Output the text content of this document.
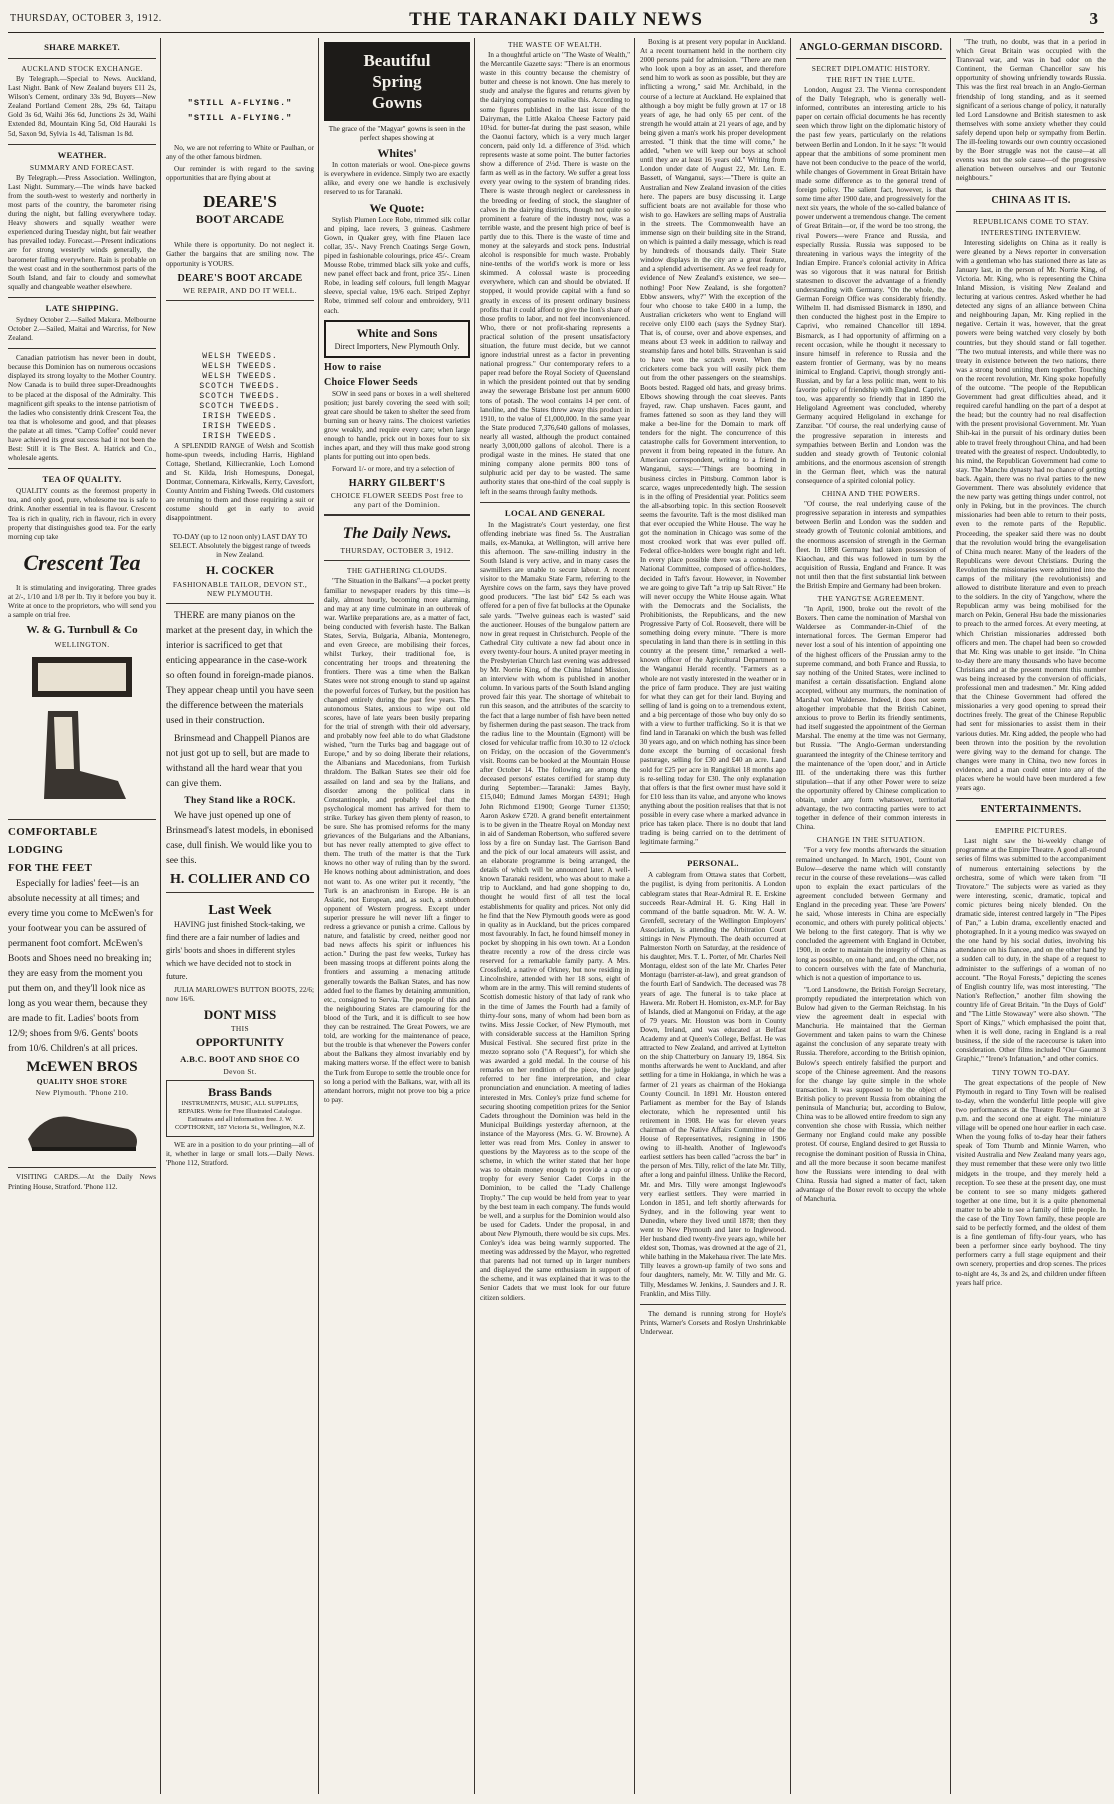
THURSDAY, OCTOBER 3, 1912.	THE TARANAKI DAILY NEWS	3
SHARE MARKET.
AUCKLAND STOCK EXCHANGE.

By Telegraph.—Special to News. Auckland, Last Night. Bank of New Zealand buyers £11 2s, Wilson's Cement, ordinary 33s 9d, Buyers—New Zealand Portland Cement 28s, 29s 6d, Taitapu Gold 3s 6d, Waihi 36s 6d, Junctions 2s 3d, Waihi Extended 8d, Mountain King 5d, Old Hauraki 1s 5d, Saxon 9d, Sylvia 1s 4d, Talisman 1s 8d.

WEATHER.
SUMMARY AND FORECAST.

By Telegraph.—Press Association. Wellington, Last Night. Summary.—The winds have backed from the south-west to westerly and northerly in most parts of the country, the barometer rising during the night, but falling everywhere today. Heavy showers and squally weather were experienced during Tuesday night, but fair weather has prevailed today. Forecast.—Present indications are for strong westerly winds generally, the barometer falling everywhere. Rain is probable on the west coast and in the southernmost parts of the South Island, and fair to cloudy and somewhat squally and changeable weather elsewhere.

LATE SHIPPING.

Sydney October 2.—Sailed Makura. Melbourne October 2.—Sailed, Maitai and Warcriss, for New Zealand.

Canadian patriotism has never been in doubt, because this Dominion has on numerous occasions displayed its strong loyalty to the Mother Country. Now Canada is to build three super-Dreadnoughts to be placed at the disposal of the Admiralty. This magnificent gift speaks to the intense patriotism of the ladies who consistently drink Crescent Tea, the tea that is wholesome and good, and that pleases the palate at all times. "Camp Coffee" could never have achieved its great success had it not been the Best: Still it is The Best. A. Hatrick and Co., wholesale agents.

TEA OF QUALITY.

QUALITY counts as the foremost property in tea, and only good, pure, wholesome tea is safe to drink. Another essential in tea is flavour. Crescent Tea is rich in quality, rich in flavour, rich in every property that distinguishes good tea. For the early morning cup take

Crescent Tea

It is stimulating and invigorating. Three grades at 2/-, 1/10 and 1/8 per lb. Try it before you buy it. Write at once to the proprietors, who will send you a sample on trial free.

W. & G. Turnbull & Co
WELLINGTON.
COMFORTABLE
LODGING
FOR THE FEET

Especially for ladies' feet—is an absolute necessity at all times; and every time you come to McEwen's for your footwear you can be assured of permanent foot comfort. McEwen's Boots and Shoes need no breaking in; they are easy from the moment you put them on, and they'll look nice as long as you wear them, because they are made to fit. Ladies' boots from 12/9; shoes from 9/6. Gents' boots from 10/6. Children's at all prices.

McEWEN BROS
QUALITY SHOE STORE
New Plymouth. 'Phone 210.

VISITING CARDS.—At the Daily News Printing House, Stratford. 'Phone 112.

"STILL A-FLYING."
"STILL A-FLYING."

No, we are not referring to White or Paulhan, or any of the other famous birdmen.

Our reminder is with regard to the saving opportunities that are flying about at

DEARE'S
BOOT ARCADE

While there is opportunity. Do not neglect it. Gather the bargains that are smiling now. The opportunity is YOURS.

DEARE'S BOOT ARCADE
WE REPAIR, AND DO IT WELL.
WELSH TWEEDS.
WELSH TWEEDS.
WELSH TWEEDS.
SCOTCH TWEEDS.
SCOTCH TWEEDS.
SCOTCH TWEEDS.
IRISH TWEEDS.
IRISH TWEEDS.
IRISH TWEEDS.

A SPLENDID RANGE of Welsh and Scottish home-spun tweeds, including Harris, Highland Cottage, Shetland, Killiecrankie, Loch Lomond and St. Kilda, Irish Homespuns, Donegal, Dontmar, Connemara, Kirkwalls, Kerry, Cavesfort, County Antrim and Fishing Tweeds. Old customers are returning to them and those requiring a suit or costume should get in early to avoid disappointment.

TO-DAY (up to 12 noon only) LAST DAY TO SELECT. Absolutely the biggest range of tweeds in New Zealand.

H. COCKER
FASHIONABLE TAILOR, DEVON ST., NEW PLYMOUTH.

THERE are many pianos on the market at the present day, in which the interior is sacrificed to get that enticing appearance in the case-work so often found in foreign-made pianos. They appear cheap until you have seen the difference between the materials used in their construction.

Brinsmead and Chappell Pianos are not just got up to sell, but are made to withstand all the hard wear that you can give them.

They Stand like a ROCK.

We have just opened up one of Brinsmead's latest models, in ebonised case, dull finish. We would like you to see this.

H. COLLIER AND CO
Last Week

HAVING just finished Stock-taking, we find there are a fair number of ladies and girls' boots and shoes in different styles which we have decided not to stock in future.

JULIA MARLOWE'S BUTTON BOOTS, 22/6; now 16/6.

DONT MISS
THIS
OPPORTUNITY
A.B.C. BOOT AND SHOE CO
Devon St.
Brass Bands
INSTRUMENTS, MUSIC, ALL SUPPLIES, REPAIRS. Write for Free Illustrated Catalogue. Estimates and all information free. J. W. COPTHORNE, 187 Victoria St., Wellington, N.Z.

WE are in a position to do your printing—all of it, whether in large or small lots.—Daily News. 'Phone 112, Stratford.

Beautiful
Spring
Gowns

The grace of the "Magyar" gowns is seen in the perfect shapes showing at

Whites'

In cotton materials or wool. One-piece gowns is everywhere in evidence. Simply two are exactly alike, and every one we handle is exclusively reserved to us for Taranaki.

We Quote:

Stylish Plumen Loce Robe, trimmed silk collar and piping, lace revers, 3 guineas. Cashmere Gown, in Quaker grey, with fine Plauen lace collar, 35/-. Navy French Coatings Serge Gown, piped in fashionable colourings, price 45/-. Cream Mousse Robe, trimmed black silk yoke and cuffs, new panel effect back and front, price 35/-. Linen Robe, in leading self colours, full length Magyar sleeve, special value, 19/6 each. Striped Zephyr Robe, trimmed self colour and embroidery, 9/11 each.

White and Sons
Direct Importers, New Plymouth Only.
How to raise
Choice Flower Seeds

SOW in seed pans or boxes in a well sheltered position; just barely covering the seed with soil; great care should be taken to shelter the seed from burning sun or heavy rains. The choicest varieties grow weakly, and require every care; when large enough to handle, prick out in boxes four to six inches apart, and they will thus make good strong plants for putting out into open beds.

Forward 1/- or more, and try a selection of

HARRY GILBERT'S
CHOICE FLOWER SEEDS Post free to any part of the Dominion.
The Daily News.
THURSDAY, OCTOBER 3, 1912.
THE GATHERING CLOUDS.

"The Situation in the Balkans"—a pocket pretty familiar to newspaper readers by this time—is daily, almost hourly, becoming more alarming, and may at any time culminate in an outbreak of war. Warlike preparations are, as a matter of fact, being conducted with feverish haste. The Balkan States, Servia, Bulgaria, Albania, Montenegro, and even Greece, are mobilising their forces, whilst Turkey, their traditional foe, is concentrating her troops and threatening the frontiers. There was a time when the Balkan States were not strong enough to stand up against the powerful forces of Turkey, but the position has changed entirely during the past few years. The autonomous States, anxious to wipe out old scores, have of late years been busily preparing for the trial of strength with their old adversary, and probably now feel able to do what Gladstone wished, "turn the Turks bag and baggage out of Europe," and by so doing liberate their relations, the Albanians and Macedonians, from Turkish thraldom. The Balkan States see their old foe assailed on land and sea by the Italians, and disorder among the political clans in Constantinople, and probably feel that the psychological moment has arrived for them to strike. Turkey has given them plenty of reason, to be sure. She has promised reforms for the many grievances of the Bulgarians and the Albanians, but has never really attempted to give effect to them. The truth of the matter is that the Turk knows no other way of ruling than by the sword. He knows nothing about administration, and does not want to. As one writer put it recently, "the Turk is an anachronism in Europe. He is an Asiatic, not European, and, as such, a stubborn opponent of Western progress. Except under superior pressure he will never lift a finger to redress a grievance or punish a crime. Callous by nature, and fatalistic by creed, neither good nor bad news affects his spirit or influences his action." During the past few weeks, Turkey has been massing troops at different points along the frontiers and assuming a menacing attitude generally towards the Balkan States, and has now added fuel to the flames by detaining ammunition, etc., consigned to Servia. The people of this and the neighbouring States are clamouring for the blood of the Turk, and it is difficult to see how they can be restrained. The Great Powers, we are told, are working for the maintenance of peace, but the trouble is that whenever the Powers confer about the Balkans they almost invariably end by making matters worse. If the effect were to banish the Turk from Europe to settle the trouble once for so long a period with the Balkans, war, with all its attendant horrors, might not prove too big a price to pay.

THE WASTE OF WEALTH.

In a thoughtful article on "The Waste of Wealth," the Mercantile Gazette says: "There is an enormous waste in this country because the chemistry of butter and cheese is not known. One has merely to study and analyse the figures and returns given by the dairying companies to realise this. According to some figures published in the last issue of the Dairyman, the Little Akaloa Cheese Factory paid 10¼d. for butter-fat during the past season, while the Oaonui factory, which is a very much larger concern, paid only 1d. a difference of 3½d. which represents waste at some point. The butter factories show a difference of 2½d. There is waste on the farm as well as in the factory. We suffer a great loss every year owing to the system of branding rides. There is waste through neglect or carelessness in the breeding or feeding of stock, the slaughter of calves in the dairying districts, though not quite so prominent a feature of the industry now, was a terrible waste, and the present high price of beef is partly due to this. There is the waste of time and money at the saleyards and stock pens. Industrial alcohol is responsible for much waste. Probably nine-tenths of the world's work is more or less skimmed. A colossal waste is proceeding everywhere, which can and should be obviated. If stopped, it would provide capital with a fund so greatly in excess of its present ordinary business profits that it could afford to give the lion's share of those profits to labor, and not feel inconvenienced. Who, there or not profit-sharing represents a practical solution of the present unsatisfactory situation, the future must decide, but we cannot ignore industrial unrest as a factor in preventing national progress." Our contemporary refers to a paper read before the Royal Society of Queensland in which the president pointed out that by sending away the sewerage Brisbane lost per annum 6000 tons of potash. The wool contains 14 per cent. of lanoline, and the States threw away this product in 1910, to the value of £1,000,000. In the same year the State produced 7,376,640 gallons of molasses, nearly all wasted, although the product contained nearly 3,000,000 gallons of alcohol. There is a prodigal waste in the mines. He stated that one mining company alone permits 800 tons of sulphuric acid per day to be wasted. The same authority states that one-third of the coal supply is left in the seams through faulty methods.

LOCAL AND GENERAL

In the Magistrate's Court yesterday, one first offending inebriate was fined 5s. The Australian mails, ex-Manuka, at Wellington, will arrive here this afternoon. The saw-milling industry in the South Island is very active, and in many cases the sawmillers are unable to secure labour. A recent visitor to the Mamaku State Farm, referring to the Ayrshire cows on the farm, says they have proved good producers. "The last bid" £42 5s each was offered for a pen of five fat bullocks at the Opunake sale yards. "Twelve guineas each is wasted" said the auctioneer. Houses of the bungalow pattern are now in great request in Christchurch. People of the Cathedral City cultivate a new fad about once in every twenty-four hours. A united prayer meeting in the Presbyterian Church last evening was addressed by Mr. Norrie King, of the China Inland Mission, an interview with whom is published in another column. In various parts of the South Island angling proved fair this year. The shortage of whitebait to run this season, and the attributes of the scarcity to the fact that a large number of fish have been netted by fishermen during the past season. The track from the radius line to the Mountain (Egmont) will be closed for vehicular traffic from 10.30 to 12 o'clock on Friday, on the occasion of the Government's visit. Rooms can be booked at the Mountain House after October 14. The following are among the deceased persons' estates certified for stamp duty during September:—Taranaki: James Bayly, £15,040; Edmund James Morgan £4391; Hugh John Richmond £1900; George Turner £1350; Aaron Askew £720. A grand benefit entertainment is to be given in the Theatre Royal on Monday next in aid of Sandeman Robertson, who suffered severe loss by a fire on Sunday last. The Garrison Band and the pick of our local amateurs will assist, and an elaborate programme is being arranged, the details of which will be announced later. A well-known Taranaki resident, who was about to make a trip to Auckland, and had gone shopping to do, thought he would first of all test the local establishments for quality and prices. Not only did he find that the New Plymouth goods were as good in quality as in Auckland, but the prices compared most favourably. In fact, he found himself money in pocket by shopping in his own town. At a London theatre recently a row of the dress circle was reserved for a remarkable family party. A Mrs. Crossfield, a native of Orkney, but now residing in Lincolnshire, attended with her 18 sons, eight of whom are in the army. This will remind students of Scottish domestic history of that lady of rank who in the time of James the Fourth had a family of thirty-four sons, many of whom had been born as twins. Miss Jessie Cocker, of New Plymouth, met with considerable success at the Hamilton Spring Musical Festival. She secured first prize in the mezzo soprano solo ("A Request"), for which she was awarded a gold medal. In the course of his remarks on her rendition of the piece, the judge referred to her fine interpretation, and clear pronunciation and enunciation. A meeting of ladies interested in Mrs. Conley's prize fund scheme for securing shooting competition prizes for the Senior Cadets throughout the Dominion was held in the Municipal Buildings yesterday afternoon, at the instance of the Mayoress (Mrs. G. W. Browne). A letter was read from Mrs. Conley in answer to questions by the Mayoress as to the scope of the scheme, in which the writer stated that her hope was to obtain money enough to provide a cup or trophy for every Senior Cadet Corps in the Dominion, to be called the "Lady Challenge Trophy." The cup would be held from year to year by the best team in each company. The funds would be well, and a surplus for the Dominion would also be used for Cadets. Under the proposal, in and about New Plymouth, there would be six cups. Mrs. Conley's idea was being warmly supported. The meeting was addressed by the Mayor, who regretted that parents had not turned up in larger numbers and displayed the same enthusiasm in support of the scheme, and it was explained that it was to the Senior Cadets that we must look for our future citizen soldiers.

Boxing is at present very popular in Auckland. At a recent tournament held in the northern city 2000 persons paid for admission. "There are men who look upon a boy as an asset, and therefore send him to work as soon as possible, but they are inflicting a wrong," said Mr. Archibald, in the course of a lecture at Auckland. He explained that although a boy might be fully grown at 17 or 18 years of age, he had only 65 per cent. of the strength he would attain at 21 years of age, and by being given a man's work his proper development arrested. "I think that the time will come," he added, "when we will keep our boys at school until they are at least 16 years old." Writing from London under date of August 22, Mr. Len. E. Bassett, of Wanganui, says:—"There is quite an Australian and New Zealand invasion of the cities here. The papers are busy discussing it. Large sufficient boats are not available for those who wish to go. Hawkers are selling maps of Australia in the streets. The Commonwealth have an immense sign on their building site in the Strand, on which is painted a daily message, which is read by hundreds of thousands daily. Their State window displays in the city are a great feature, and a splendid advertisement. As we feel ready for evidence of New Zealand's existence, we see—nothing! Poor New Zealand, is she forgotten? Ebbw answers, why?" With the exception of the four who choose to take £400 in a lump, the Australian cricketers who went to England will receive only £100 each (says the Sydney Star). That is, of course, over and above expenses, and means about £3 week in addition to railway and steamship fares and hotel bills. Stravenhan is said to have won the scratch event. When the cricketers come back you will easily pick them out from the other passengers on the steamships. Boots bested. Ragged old hats, and greasy brims. Elbows showing through the coat sleeves. Pants frayed, raw. Chap unshaven. Faces gaunt, and frames fattened so soon as they land they will make a bee-line for the Domain to mark off tenders for the night. The concurrence of this catastrophe calls for Government intervention, to prevent it from being repeated in the future. An American correspondent, writing to a friend in Wanganui, says:—"Things are booming in business circles in Pittsburg. Common labor is scarce, wages unprecedentedly high. The session is in the offing of Presidential year. Politics seem the all-absorbing topic. In this section Roosevelt seems the favourite. Taft is the most disliked man that ever occupied the White House. The way he got the nomination in Chicago was some of the most crooked work that was ever pulled off. Federal office-holders were bought right and left. In every place possible there was a contest. The National Committee, composed of office-holders, decided in Taft's favour. However, in November we are going to give Taft "a trip up Salt River." He will never occupy the White House again. What with the Democrats and the Socialists, the Prohibitionists, the Republicans, and the new Progressive Party of Col. Roosevelt, there will be something doing every minute. "There is more speculating in land than there is in settling in this country at the present time," remarked a well-known officer of the Agricultural Department to the Wanganui Herald recently. "Farmers as a whole are not vastly interested in the weather or in the price of farm produce. They are just waiting for what they can get for their land. Buying and selling of land is going on to a tremendous extent, and a big percentage of those who buy only do so with a view to further trafficking. So it is that we find land in Taranaki on which the bush was felled 30 years ago, and on which nothing has since been done except the burning of occasional fresh pasturage, selling for £30 and £40 an acre. Land sold for £25 per acre in Rangitikei 18 months ago is re-selling today for £30. The only explanation that offers is that the first owner must have sold it for £10 less than its value, and anyone who knows anything about the position realises that that is not possible in every case where a marked advance in price has taken place. There is no doubt that land trading is being carried on to the detriment of legitimate farming."

PERSONAL.

A cablegram from Ottawa states that Corbett, the pugilist, is dying from peritonitis. A London cablegram states that Rear-Admiral R. E. Erskine succeeds Rear-Admiral H. G. King Hall in command of the battle squadron. Mr. W. A. W. Grenfell, secretary of the Wellington Employers' Association, is attending the Arbitration Court sittings in New Plymouth. The death occurred at Palmerston North on Saturday, at the residence of his daughter, Mrs. T. L. Porter, of Mr. Charles Neil Montagu, eldest son of the late Mr. Charles Peter Montagu (barrister-at-law), and great grandson of the fourth Earl of Sandwich. The deceased was 78 years of age. The funeral is to take place at Hawera. Mr. Robert H. Homiston, ex-M.P. for Bay of Islands, died at Mangonui on Friday, at the age of 79 years. Mr. Houston was born in County Down, Ireland, and was educated at Belfast Academy and at Queen's College, Belfast. He was attracted to New Zealand, and arrived at Lyttelton on the ship Chatterbury on January 19, 1864. Six months afterwards he went to Auckland, and after settling for a time in Hokianga, in which he was a farmer of 21 years as chairman of the Hokianga County Council. In 1891 Mr. Houston entered Parliament as member for the Bay of Islands electorate, which he represented until his retirement in 1908. He was for eleven years chairman of the Native Affairs Committee of the House of Representatives, resigning in 1906 owing to ill-health. Another of Inglewood's earliest settlers has been called "across the bar" in the person of Mrs. Tilly, relict of the late Mr. Tilly, after a long and painful illness. Unlike the Record, Mr. and Mrs. Tilly were amongst Inglewood's very earliest settlers. They were married in London in 1851, and left shortly afterwards for Sydney, and in the following year went to Dunedin, where they lived until 1878; then they went to New Plymouth and later to Inglewood. Her husband died twenty-five years ago, while her eldest son, Thomas, was drowned at the age of 21, while bathing in the Makehaua river. The late Mrs. Tilly leaves a grown-up family of two sons and four daughters, namely, Mr. W. Tilly and Mr. G. Tilly, Mesdames W. Jenkins, J. Saunders and J. R. Franklin, and Miss Tilly.

The demand is running strong for Hoyle's Prints, Warner's Corsets and Roslyn Unshrinkable Underwear.

ANGLO-GERMAN DISCORD.
SECRET DIPLOMATIC HISTORY.
THE RIFT IN THE LUTE.

London, August 23. The Vienna correspondent of the Daily Telegraph, who is generally well-informed, contributes an interesting article to his paper on certain official documents he has recently seen which throw light on the diplomatic history of the past few years, particularly on the relations between Berlin and London. In it he says: "It would appear that the ambitions of some prominent men have not been conducive to the peace of the world, while changes of Government in Great Britain have made some difference as to the general trend of foreign policy. The salient fact, however, is that some time after 1900 date, and progressively for the next six years, the whole of the so-called balance of power underwent a tremendous change. The cement of Great Britain—or, if the word be too strong, the rival Powers—were France and Russia, and especially Russia. Russia was supposed to be threatening in various ways the integrity of the Indian Empire. France's colonial activity in Africa was so vigorous that it was natural for British statesmen to discover the advantage of a friendly understanding with Germany. "On the whole, the German Foreign Office was considerably friendly. Wilhelm II. had dismissed Bismarck in 1890, and then conducted the highest post in the Empire to Caprivi, who remained Chancellor till 1894. Bismarck, as I had opportunity of affirming on a recent occasion, while he thought it necessary to insure himself in reference to Russia and the eastern frontier of Germany, was by no means inimical to England. Caprivi, though strongly anti-Russian, and by far a less politic man, went to his favorite policy of friendship with England. Caprivi, too, was apparently so friendly that in 1890 the Heligoland Agreement was concluded, whereby Germany acquired Heligoland in exchange for Zanzibar. "Of course, the real underlying cause of the progressive separation in interests and sympathies between Berlin and London was the sudden and steady growth of Teutonic colonial ambitions, and the enormous ascension of strength in the German fleet, which was the natural consequence of a spirited colonial policy.

CHINA AND THE POWERS.

"Of course, the real underlying cause of the progressive separation in interests and sympathies between Berlin and London was the sudden and steady growth of Teutonic colonial ambitions, and the enormous ascension of strength in the German fleet. In 1898 Germany had taken possession of Kiaochau, and this was followed in turn by the acquisition of Russia, England and France. It was not until then that the first substantial link between the British Empire and Germany had been broken.

THE YANGTSE AGREEMENT.

"In April, 1900, broke out the revolt of the Boxers. Then came the nomination of Marshal von Waldersee as Commander-in-Chief of the international forces. The German Emperor had never lost a soul of his intention of appointing one of the highest officers of the Prussian army to the supreme command, and both France and Russia, to say nothing of the United States, were inclined to manifest a certain dissatisfaction. England alone accepted, without any murmurs, the nomination of Marshal von Waldersee. Indeed, it does not seem altogether improbable that the British Cabinet, anxious to prove to Berlin its friendly sentiments, had itself suggested the appointment of the German Marshal. The enemy at the time was not Germany, but Russia. "The Anglo-German understanding guaranteed the integrity of the Chinese territory and the maintenance of the 'open door,' and in Article III. of the undertaking there was this further stipulation—that if any other Power were to seize the opportunity offered by Chinese complication to obtain, under any form whatsoever, territorial advantage, the two contracting parties were to act together in defence of their common interests in China.

CHANGE IN THE SITUATION.

"For a very few months afterwards the situation remained unchanged. In March, 1901, Count von Bulow—deserve the name which will constantly recur in the course of these revelations—was called upon to explain the exact particulars of the agreement concluded between Germany and England in the preceding year. These 'are Powers' he said, 'whose interests in China are especially economic, and others with purely political objects.' We belong to the first category. That is why we concluded the agreement with England in October, 1900, in order to maintain the integrity of China as long as possible, on one hand; and, on the other, not to concern ourselves with the fate of Manchuria, which is not a question of importance to us.

"Lord Lansdowne, the British Foreign Secretary, promptly repudiated the interpretation which von Bulow had given to the German Reichstag. In his view the agreement dealt in especial with Manchuria. He maintained that the German Government and taken pains to warn the Chinese against the conclusion of any separate treaty with Russia. Therefore, according to the British opinion, Bulow's speech entirely falsified the purport and scope of the Chinese agreement. And the reasons for the change lay quite simple in the whole transaction. It was supposed to be the object of British policy to prevent Russia from obtaining the peninsula of Manchuria; but, according to Bulow, China was to be allowed entire freedom to sign any convention she chose with Russia, which neither Germany nor England could make any possible protest. Of course, England desired to get Russia to recognise the dominant position of Russia in China, and all the more because it soon became manifest how the Russians were intending to deal with China. Russia had signed a matter of fact, taken advantage of the Boxer revolt to occupy the whole of Manchuria.

"The truth, no doubt, was that in a period in which Great Britain was occupied with the Transvaal war, and was in bad odor on the Continent, the German Chancellor saw his opportunity of showing unfriendly towards Russia. This was the first real breach in an Anglo-German friendship of long standing, and as it seemed significant of a serious change of policy, it naturally led Lord Lansdowne and British statesmen to ask themselves with some anxiety whether they could safely depend upon help or sympathy from Berlin. The ill-feeling towards our own country occasioned by the Boer struggle was not the cause—at all events was not the sole cause—of the progressive alienation between ourselves and our Teutonic neighbours."

CHINA AS IT IS.
REPUBLICANS COME TO STAY.
INTERESTING INTERVIEW.

Interesting sidelights on China as it really is were gleaned by a News reporter in conversation with a gentleman who has stationed there as late as January last, in the person of Mr. Norrie King, of Victoria. Mr. King, who is representing the China Inland Mission, is visiting New Zealand and lecturing at various centres. Asked whether he had detected any signs of an alliance between China and neighbouring Japan, Mr. King replied in the negative. Certain it was, however, that the great powers were being watched very closely by both countries, but they should stand or fall together. "The two mutual interests, and while there was no treaty in existence between the two nations, there was a strong bond uniting them together. Touching on the recent revolution, Mr. King spoke hopefully of the outcome. "The people of the Republican Government had great difficulties ahead, and it required careful handling on the part of a despot at the head; but the country had no real disaffection with the present provisional Government. Mr. Yuan Shih-kai in the pursuit of his ordinary duties been able to travel freely throughout China, and had been treated with the greatest of respect. Undoubtedly, to his mind, the Republican Government had come to stay. The Manchu dynasty had no chance of getting back. Again, there was no rival parties to the new Government. There was absolutely evidence that the new party was getting things under control, not only in Peking, but in the provinces. The church missionaries had been able to return to their posts, even to the remote parts of the Republic. Proceeding, the speaker said there was no doubt that the revolution would bring the evangelisation of China much nearer. Many of the leaders of the Republicans were devout Christians. During the Revolution the missionaries were admitted into the camps of the military (the revolutionists) and allowed to distribute literature and even to preach to the soldiers. In the city of Yangchow, where the Republican army was being mobilised for the march on Pekin, General Hsu bade the missionaries to preach to the armed forces. At every meeting, at which Christian missionaries addressed both officers and men. The chapel had been so crowded that Mr. King was unable to get inside. "In China to-day there are many thousands who have become Christians and at the present moment this number was being increased by the conversion of officials, professional men and tradesmen." Mr. King added that the Chinese Government had offered the missionaries a very good opening to spread their doctrines freely. The great of the Chinese Republic had sent for missionaries to assist them in their various duties. Mr. King added, the people who had been thrown into the position by the revolution were giving way to the demand for change. The changes were many in China, two new forces in evidence, and a man could enter into any of the places where he would have been murdered a few years ago.

ENTERTAINMENTS.
EMPIRE PICTURES.

Last night saw the bi-weekly change of programme at the Empire Theatre. A good all-round series of films was submitted to the accompaniment of numerous entertaining selections by the orchestra, some of which were taken from "II Trovatore." The subjects were as varied as they were interesting, scenic, dramatic, topical and comic pictures being nicely blended. On the dramatic side, interest centred largely in "The Pipes of Pan," a Lubin drama, excellently enacted and photographed. In it a young medico was swayed on the one hand by his social duties, involving his attendance on his fiancee, and on the other hand by a sudden call to duty, in the shape of a request to administer to the sufferings of a woman of no account. "The Royal Forests," depicting the scenes of English country life, was most interesting. "The Nation's Reflection," another film showing the country life of Great Britain. "In the Days of Gold" and "The Little Stowaway" were also shown. "The Sport of Kings," which emphasised the point that, when it is well done, racing in England is a real business, if the side of the racecourse is taken into consideration. Other films included "Our Gaumont Graphic," "Irene's Infatuation," and other comics.

TINY TOWN TO-DAY.

The great expectations of the people of New Plymouth in regard to Tiny Town will be realised to-day, when the wonderful little people will give two performances at the Theatre Royal—one at 3 p.m. and the second one at eight. The miniature village will be opened one hour earlier in each case. When the young folks of to-day hear their fathers speak of Tom Thumb and Minnie Warren, who visited Australia and New Zealand many years ago, they must remember that these were only two little midgets in the troupe, and they merely held a reception. To see these at the present day, one must be content to see so many midgets gathered together at one time, but it is a quite phenomenal matter to be able to see a family of little people. In the case of the Tiny Town family, these people are said to be perfectly formed, and the oldest of them is a fine gentleman of fifty-four years, who has been a performer since early boyhood. The tiny performers carry a full stage equipment and their own scenery, properties and drop scenes. The prices to-night are 4s, 3s and 2s, and children under fifteen years half price.
